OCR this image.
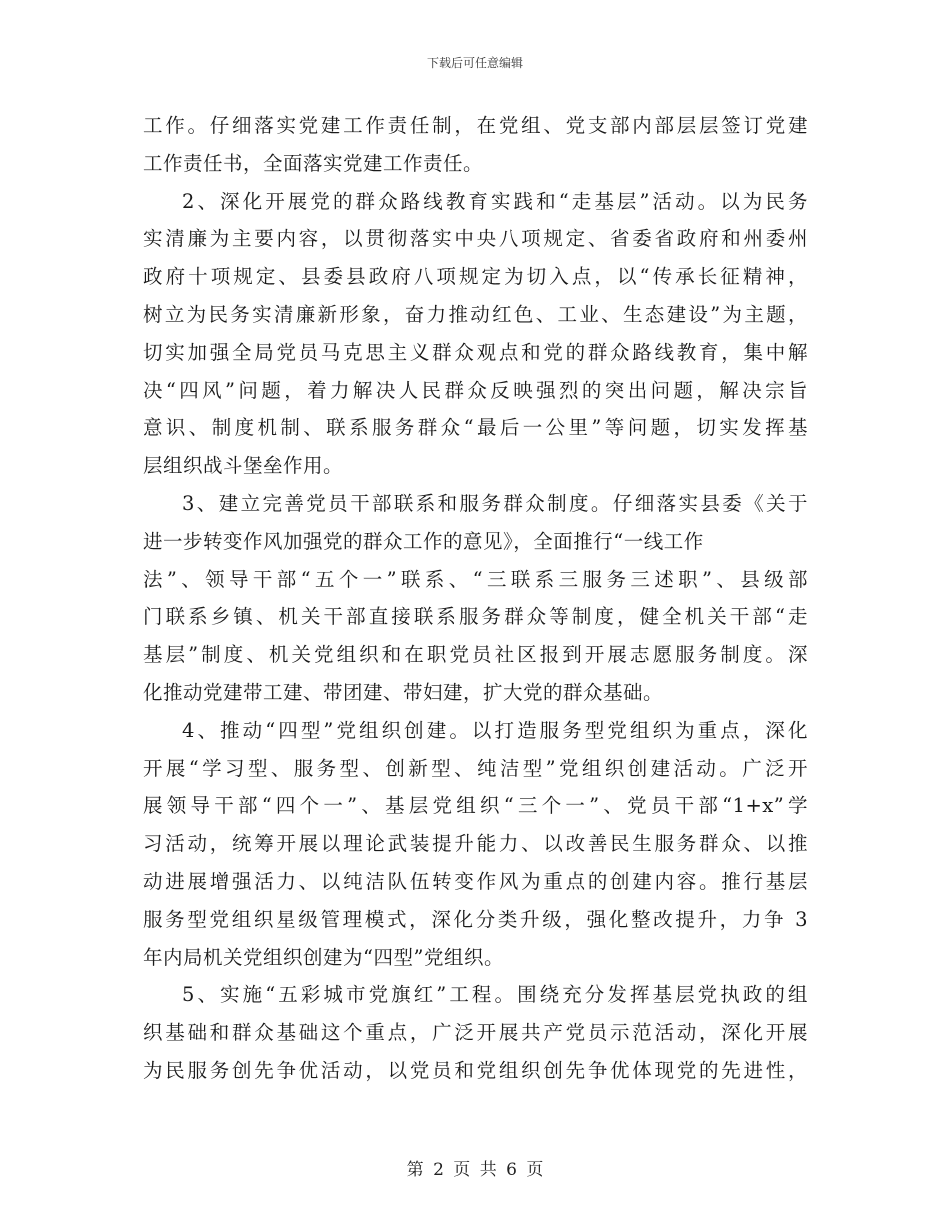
下载后可任意编辑
工作。仔细落实党建工作责任制，在党组、党支部内部层层签订党建
工作责任书，全面落实党建工作责任。
2、深化开展党的群众路线教育实践和“走基层”活动。以为民务
实清廉为主要内容，以贯彻落实中央八项规定、省委省政府和州委州
政府十项规定、县委县政府八项规定为切入点，以“传承长征精神，
树立为民务实清廉新形象，奋力推动红色、工业、生态建设”为主题，
切实加强全局党员马克思主义群众观点和党的群众路线教育，集中解
决“四风”问题，着力解决人民群众反映强烈的突出问题，解决宗旨
意识、制度机制、联系服务群众“最后一公里”等问题，切实发挥基
层组织战斗堡垒作用。
3、建立完善党员干部联系和服务群众制度。仔细落实县委《关于
进一步转变作风加强党的群众工作的意见》，全面推行“一线工作
法”、领导干部“五个一”联系、“三联系三服务三述职”、县级部
门联系乡镇、机关干部直接联系服务群众等制度，健全机关干部“走
基层”制度、机关党组织和在职党员社区报到开展志愿服务制度。深
化推动党建带工建、带团建、带妇建，扩大党的群众基础。
4、推动“四型”党组织创建。以打造服务型党组织为重点，深化
开展“学习型、服务型、创新型、纯洁型”党组织创建活动。广泛开
展领导干部“四个一”、基层党组织“三个一”、党员干部“1+x”学
习活动，统筹开展以理论武装提升能力、以改善民生服务群众、以推
动进展增强活力、以纯洁队伍转变作风为重点的创建内容。推行基层
服务型党组织星级管理模式，深化分类升级，强化整改提升，力争 3
年内局机关党组织创建为“四型”党组织。
5、实施“五彩城市党旗红”工程。围绕充分发挥基层党执政的组
织基础和群众基础这个重点，广泛开展共产党员示范活动，深化开展
为民服务创先争优活动，以党员和党组织创先争优体现党的先进性，
第 2 页 共 6 页
